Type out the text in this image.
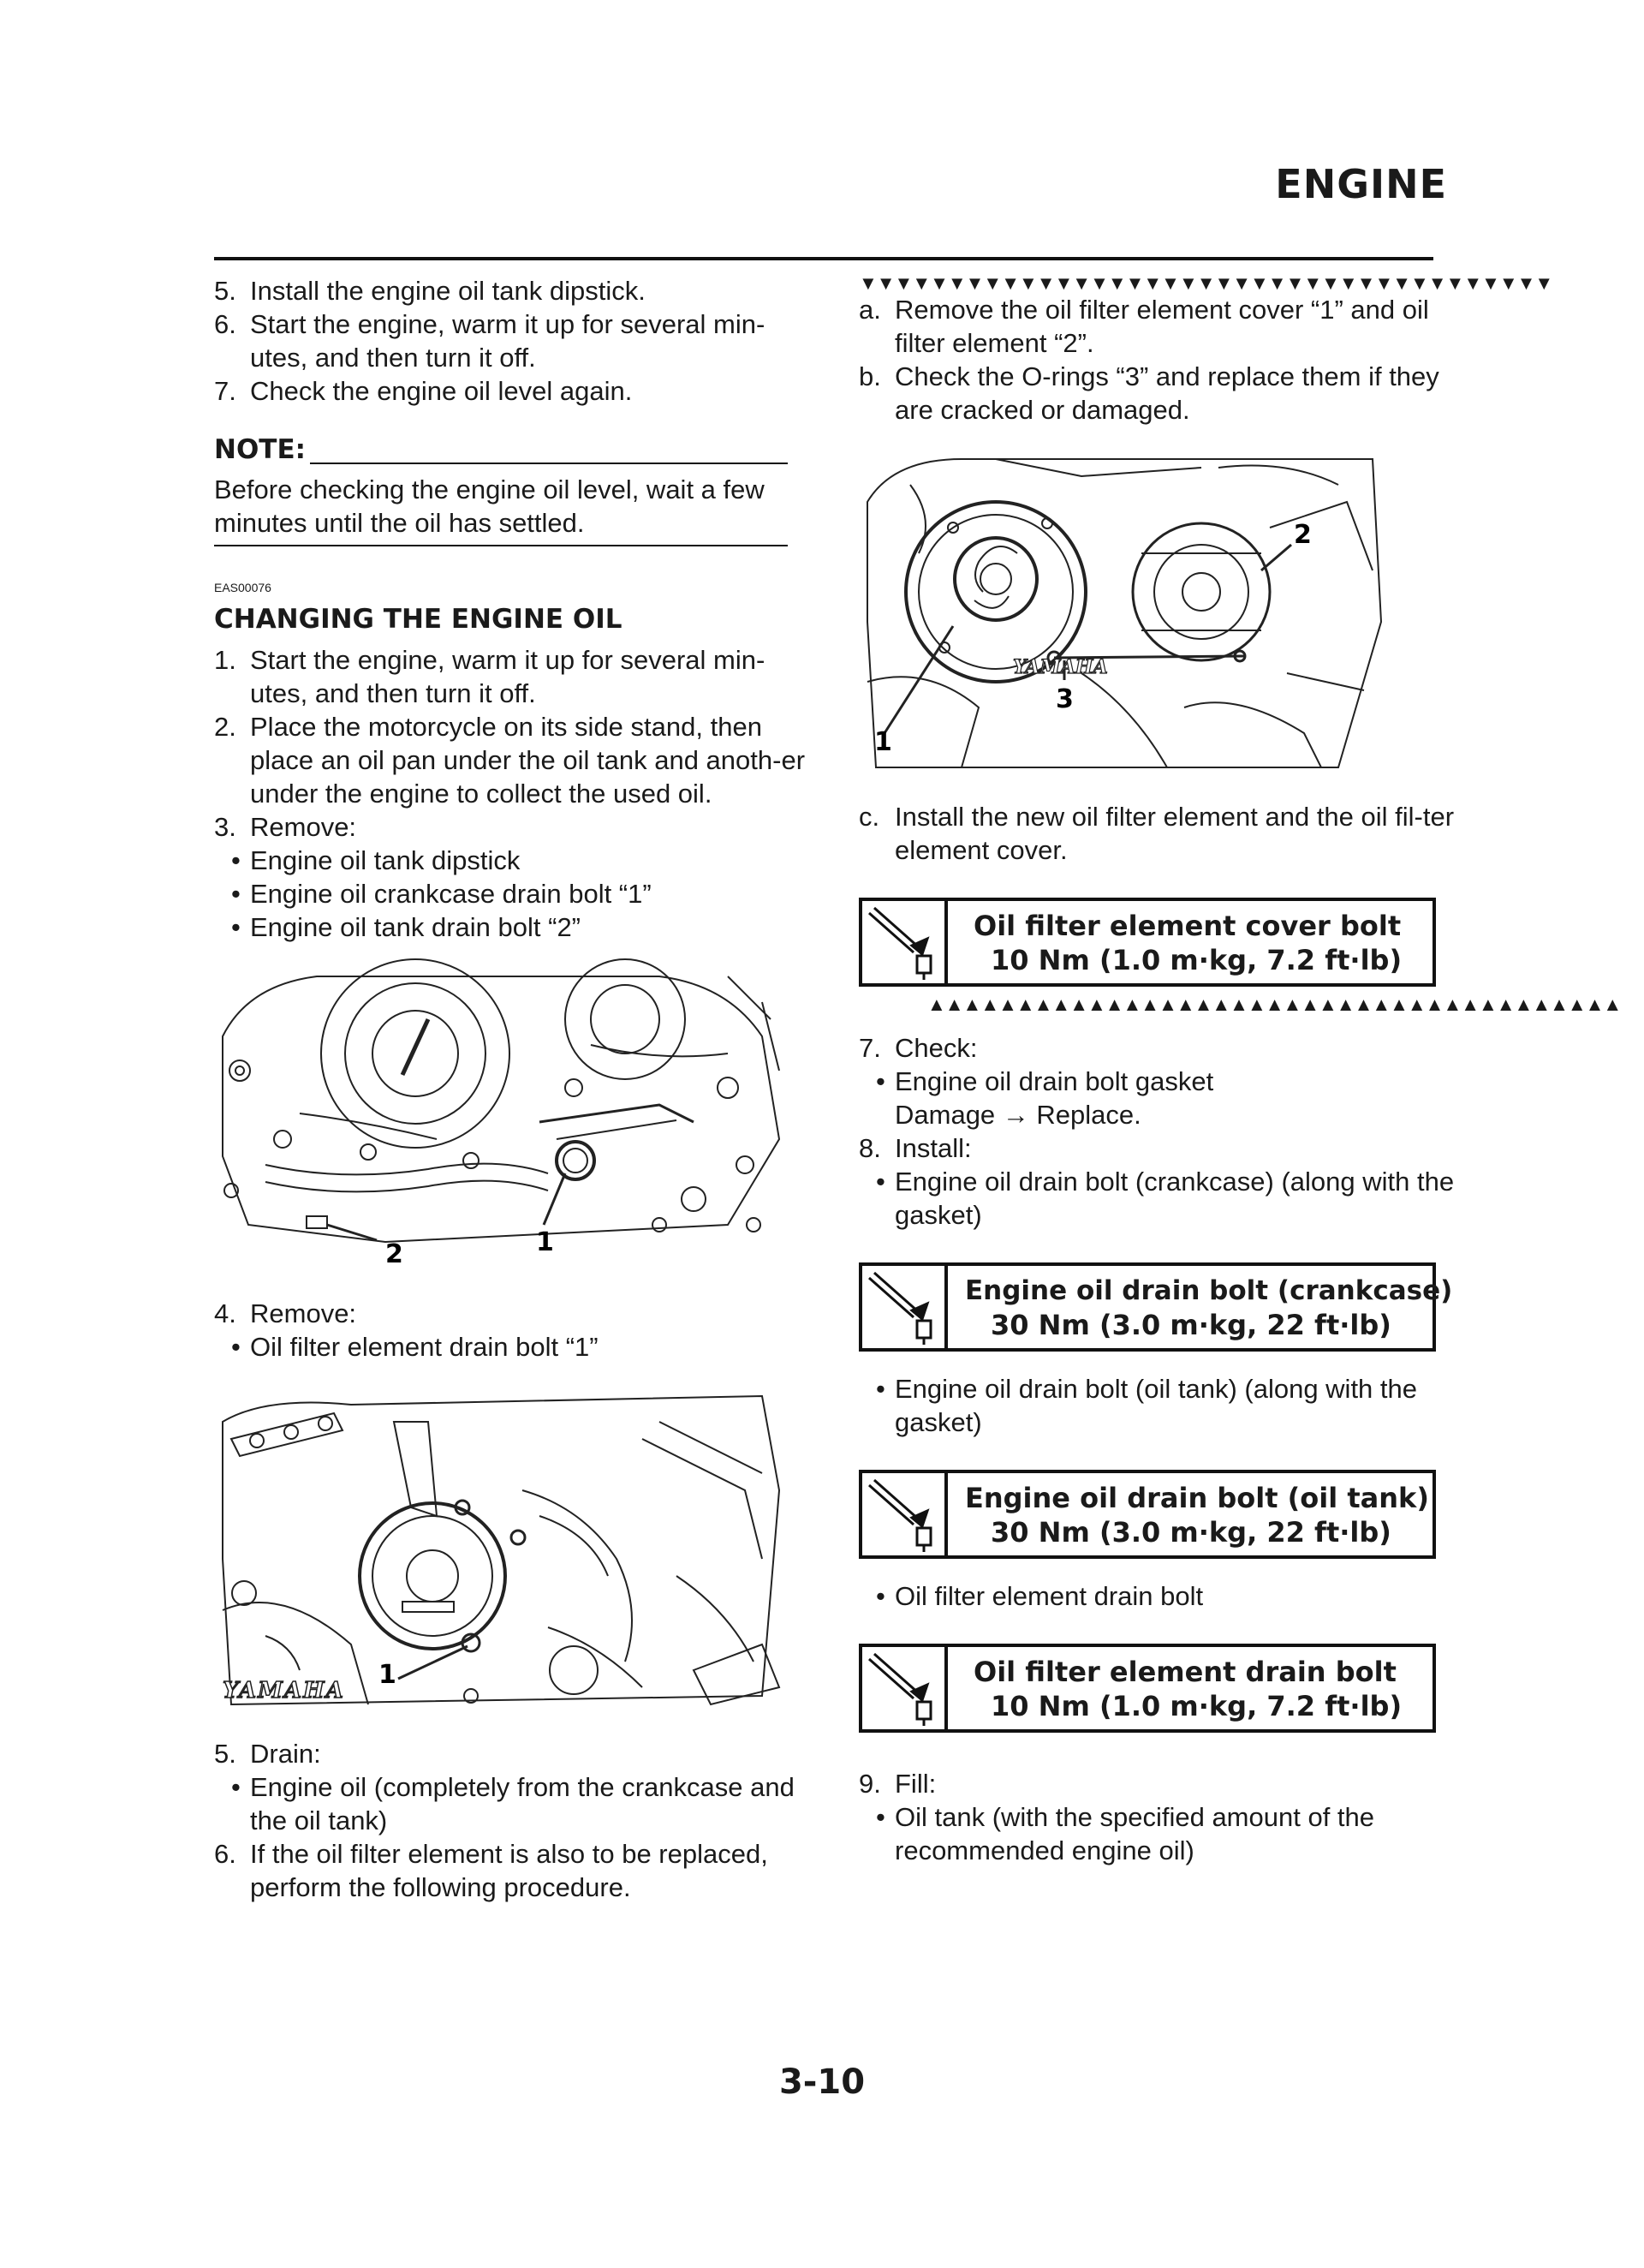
ENGINE

5. Install the engine oil tank dipstick.

6. Start the engine, warm it up for several min-utes, and then turn it off.

7. Check the engine oil level again.

NOTE:
Before checking the engine oil level, wait a few minutes until the oil has settled.
EAS00076
CHANGING THE ENGINE OIL

1. Start the engine, warm it up for several min-utes, and then turn it off.

2. Place the motorcycle on its side stand, then place an oil pan under the oil tank and anoth-er under the engine to collect the used oil.

3. Remove:

• Engine oil tank dipstick

• Engine oil crankcase drain bolt “1”

• Engine oil tank drain bolt “2”

1
2

4. Remove:

• Oil filter element drain bolt “1”

YAMAHA
1

5. Drain:

• Engine oil (completely from the crankcase and the oil tank)

6. If the oil filter element is also to be replaced, perform the following procedure.

▼▼▼▼▼▼▼▼▼▼▼▼▼▼▼▼▼▼▼▼▼▼▼▼▼▼▼▼▼▼▼▼▼▼▼▼▼▼▼

a. Remove the oil filter element cover “1” and oil filter element “2”.

b. Check the O-rings “3” and replace them if they are cracked or damaged.

YAMAHA
1
2
3

c. Install the new oil filter element and the oil fil-ter element cover.

Oil filter element cover bolt
10 Nm (1.0 m·kg, 7.2 ft·lb)
▲▲▲▲▲▲▲▲▲▲▲▲▲▲▲▲▲▲▲▲▲▲▲▲▲▲▲▲▲▲▲▲▲▲▲▲▲▲▲

7. Check:

• Engine oil drain bolt gasket

Damage → Replace.

8. Install:

• Engine oil drain bolt (crankcase) (along with the gasket)

Engine oil drain bolt (crankcase)
30 Nm (3.0 m·kg, 22 ft·lb)

• Engine oil drain bolt (oil tank) (along with the gasket)

Engine oil drain bolt (oil tank)
30 Nm (3.0 m·kg, 22 ft·lb)

• Oil filter element drain bolt

Oil filter element drain bolt
10 Nm (1.0 m·kg, 7.2 ft·lb)

9. Fill:

• Oil tank (with the specified amount of the recommended engine oil)

3-10
